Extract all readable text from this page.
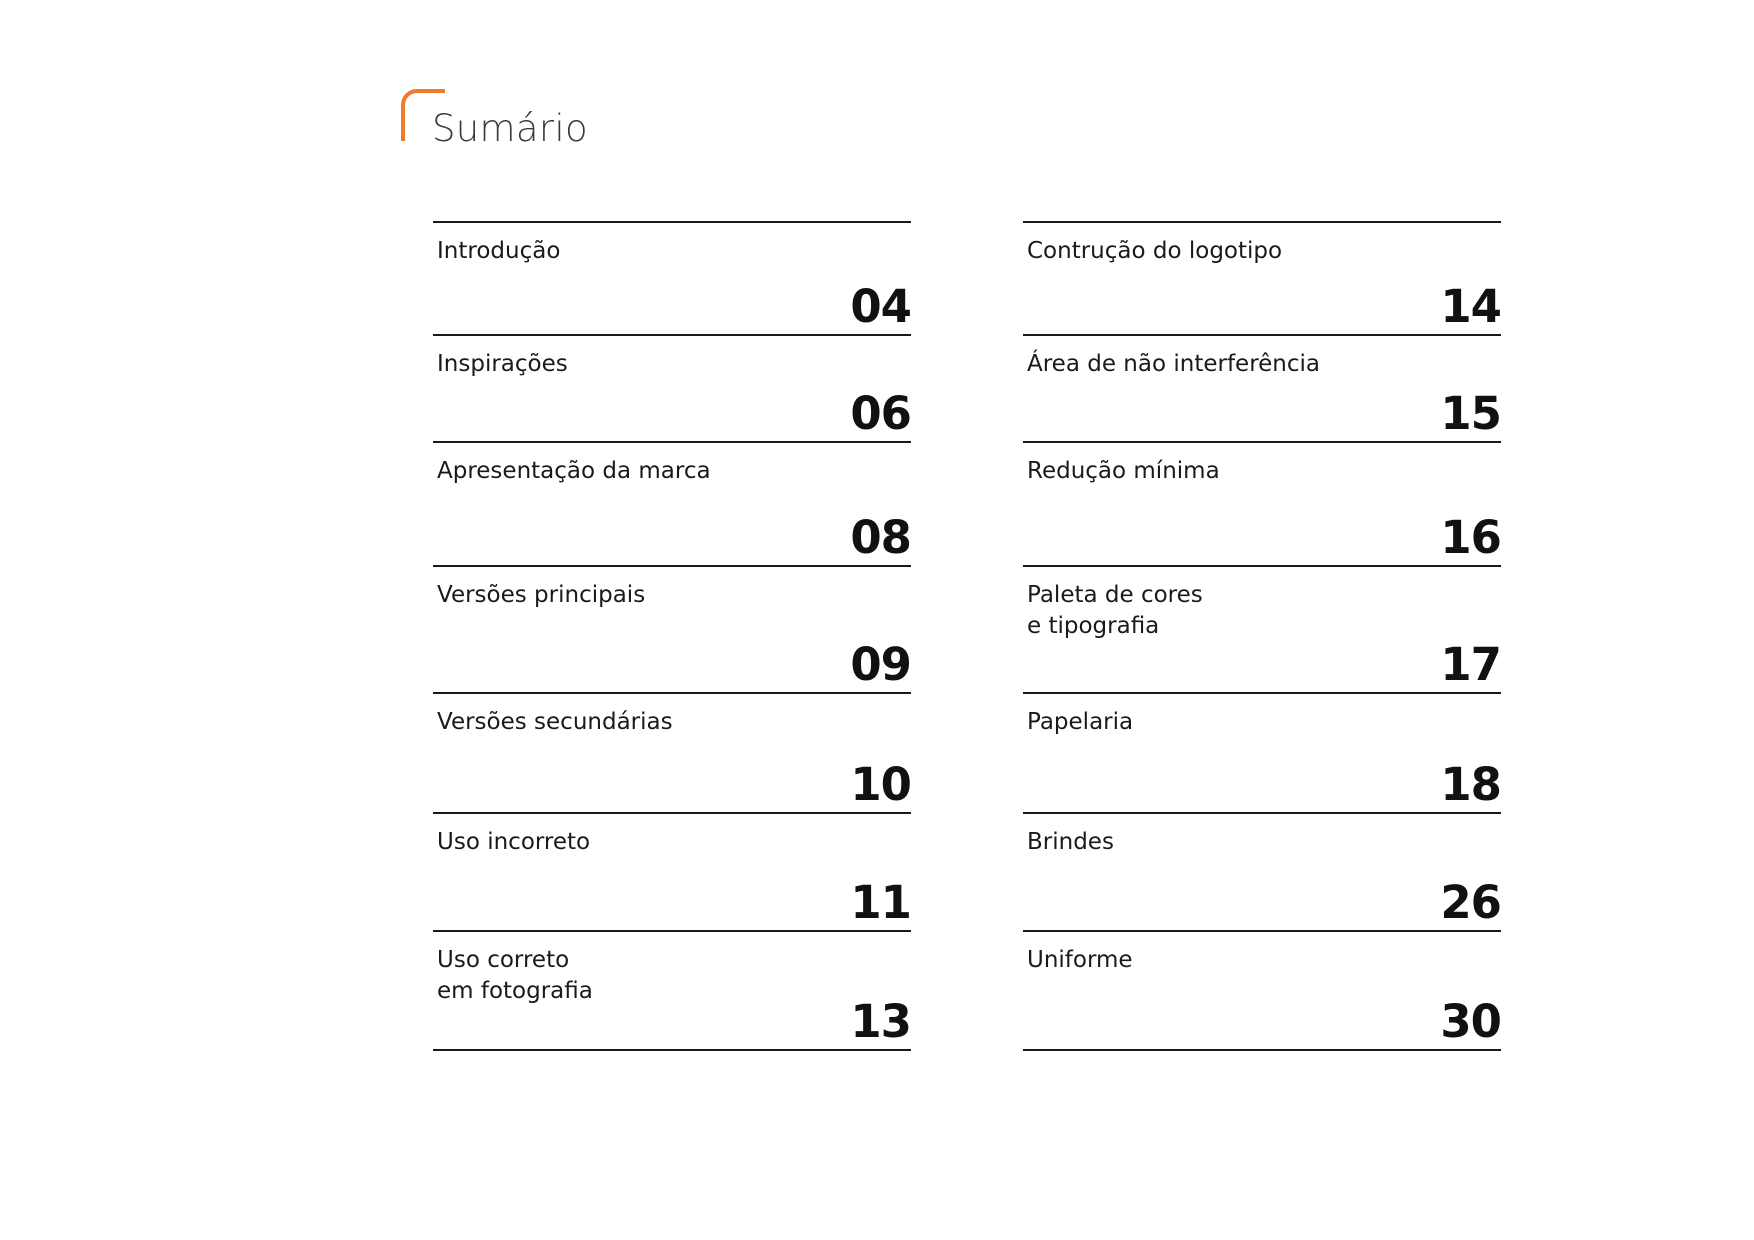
Sumário
Introdução
04
Inspirações
06
Apresentação da marca
08
Versões principais
09
Versões secundárias
10
Uso incorreto
11
Uso correto
em fotografia
13
Contrução do logotipo
14
Área de não interferência
15
Redução mínima
16
Paleta de cores
e tipografia
17
Papelaria
18
Brindes
26
Uniforme
30
